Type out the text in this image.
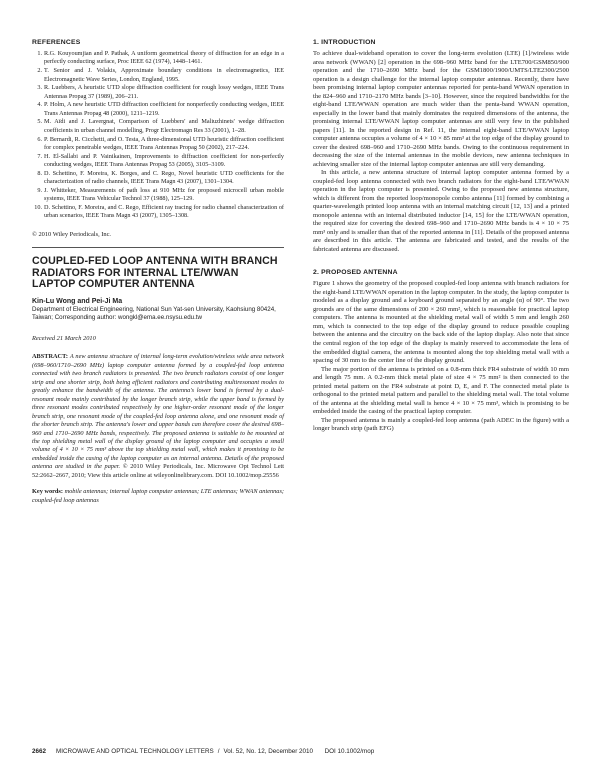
REFERENCES
1. R.G. Kouyoumjian and P. Pathak, A uniform geometrical theory of diffraction for an edge in a perfectly conducting surface, Proc IEEE 62 (1974), 1448–1461.
2. T. Senior and J. Volakis, Approximate boundary conditions in electromagnetics, IEE Electromagnetic Wave Series, London, England, 1995.
3. R. Luebbers, A heuristic UTD slope diffraction coefficient for rough lossy wedges, IEEE Trans Antennas Propag 37 (1989), 206–211.
4. P. Holm, A new heuristic UTD diffraction coefficient for nonperfectly conducting wedges, IEEE Trans Antennas Propag 48 (2000), 1211–1219.
5. M. Aïdi and J. Lavergnat, Comparison of Luebbers' and Maliuzhinets' wedge diffraction coefficients in urban channel modelling, Progr Electromagn Res 33 (2001), 1–28.
6. P. Bernardi, R. Cicchetti, and O. Testa, A three-dimensional UTD heuristic diffraction coefficient for complex penetrable wedges, IEEE Trans Antennas Propag 50 (2002), 217–224.
7. H. El-Sallabi and P. Vainikainen, Improvements to diffraction coefficient for non-perfectly conducting wedges, IEEE Trans Antennas Propag 53 (2005), 3105–3109.
8. D. Schettino, F. Moreira, K. Borges, and C. Rego, Novel heuristic UTD coefficients for the characterization of radio channels, IEEE Trans Magn 43 (2007), 1301–1304.
9. J. Whitteker, Measurements of path loss at 910 MHz for proposed microcell urban mobile systems, IEEE Trans Vehicular Technol 37 (1988), 125–129.
10. D. Schettino, F. Moreira, and C. Rego, Efficient ray tracing for radio channel characterization of urban scenarios, IEEE Trans Magn 43 (2007), 1305–1308.

© 2010 Wiley Periodicals, Inc.

COUPLED-FED LOOP ANTENNA WITH BRANCH RADIATORS FOR INTERNAL LTE/WWAN LAPTOP COMPUTER ANTENNA

Kin-Lu Wong and Pei-Ji Ma

Department of Electrical Engineering, National Sun Yat-sen University, Kaohsiung 80424, Taiwan; Corresponding author: wongkl@ema.ee.nsysu.edu.tw

Received 21 March 2010

ABSTRACT: A new antenna structure of internal long-term evolution/wireless wide area network (698–960/1710–2690 MHz) laptop computer antenna formed by a coupled-fed loop antenna connected with two branch radiators is presented. The two branch radiators consist of one longer strip and one shorter strip, both being efficient radiators and contributing multiresonant modes to greatly enhance the bandwidth of the antenna. The antenna's lower band is formed by a dual-resonant mode mainly contributed by the longer branch strip, while the upper band is formed by three resonant modes contributed respectively by one higher-order resonant mode of the longer branch strip, one resonant mode of the coupled-fed loop antenna alone, and one resonant mode of the shorter branch strip. The antenna's lower and upper bands can therefore cover the desired 698–960 and 1710–2690 MHz bands, respectively. The proposed antenna is suitable to be mounted at the top shielding metal wall of the display ground of the laptop computer and occupies a small volume of 4 × 10 × 75 mm³ above the top shielding metal wall, which makes it promising to be embedded inside the casing of the laptop computer as an internal antenna. Details of the proposed antenna are studied in the paper. © 2010 Wiley Periodicals, Inc. Microwave Opt Technol Lett 52:2662–2667, 2010; View this article online at wileyonlinelibrary.com. DOI 10.1002/mop.25556

Key words: mobile antennas; internal laptop computer antennas; LTE antennas; WWAN antennas; coupled-fed loop antennas

1. INTRODUCTION

To achieve dual-wideband operation to cover the long-term evolution (LTE) [1]/wireless wide area network (WWAN) [2] operation in the 698–960 MHz band for the LTE700/GSM850/900 operation and the 1710–2690 MHz band for the GSM1800/1900/UMTS/LTE2300/2500 operation is a design challenge for the internal laptop computer antennas. Recently, there have been promising internal laptop computer antennas reported for penta-band WWAN operation in the 824–960 and 1710–2170 MHz bands [3–10]. However, since the required bandwidths for the eight-band LTE/WWAN operation are much wider than the penta-band WWAN operation, especially in the lower band that mainly dominates the required dimensions of the antenna, the promising internal LTE/WWAN laptop computer antennas are still very few in the published papers [11]. In the reported design in Ref. 11, the internal eight-band LTE/WWAN laptop computer antenna occupies a volume of 4 × 10 × 85 mm³ at the top edge of the display ground to cover the desired 698–960 and 1710–2690 MHz bands. Owing to the continuous requirement in decreasing the size of the internal antennas in the mobile devices, new antenna techniques in achieving smaller size of the internal laptop computer antennas are still very demanding.

In this article, a new antenna structure of internal laptop computer antenna formed by a coupled-fed loop antenna connected with two branch radiators for the eight-band LTE/WWAN operation in the laptop computer is presented. Owing to the proposed new antenna structure, which is different from the reported loop/monopole combo antenna [11] formed by combining a quarter-wavelength printed loop antenna with an internal matching circuit [12, 13] and a printed monopole antenna with an internal distributed inductor [14, 15] for the LTE/WWAN operation, the required size for covering the desired 698–960 and 1710–2690 MHz bands is 4 × 10 × 75 mm³ only and is smaller than that of the reported antenna in [11]. Details of the proposed antenna are described in this article. The antenna are fabricated and tested, and the results of the fabricated antenna are discussed.

2. PROPOSED ANTENNA

Figure 1 shows the geometry of the proposed coupled-fed loop antenna with branch radiators for the eight-band LTE/WWAN operation in the laptop computer. In the study, the laptop computer is modeled as a display ground and a keyboard ground separated by an angle (α) of 90°. The two grounds are of the same dimensions of 200 × 260 mm², which is reasonable for practical laptop computers. The antenna is mounted at the shielding metal wall of width 5 mm and length 260 mm, which is connected to the top edge of the display ground to reduce possible coupling between the antenna and the circuitry on the back side of the laptop display. Also note that since the central region of the top edge of the display is mainly reserved to accommodate the lens of the embedded digital camera, the antenna is mounted along the top shielding metal wall with a spacing of 30 mm to the center line of the display ground.

The major portion of the antenna is printed on a 0.8-mm thick FR4 substrate of width 10 mm and length 75 mm. A 0.2-mm thick metal plate of size 4 × 75 mm² is then connected to the printed metal pattern on the FR4 substrate at point D, E, and F. The connected metal plate is orthogonal to the printed metal pattern and parallel to the shielding metal wall. The total volume of the antenna at the shielding metal wall is hence 4 × 10 × 75 mm³, which is promising to be embedded inside the casing of the practical laptop computer.

The proposed antenna is mainly a coupled-fed loop antenna (path ADEC in the figure) with a longer branch strip (path EFG)

2662 MICROWAVE AND OPTICAL TECHNOLOGY LETTERS / Vol. 52, No. 12, December 2010 DOI 10.1002/mop
